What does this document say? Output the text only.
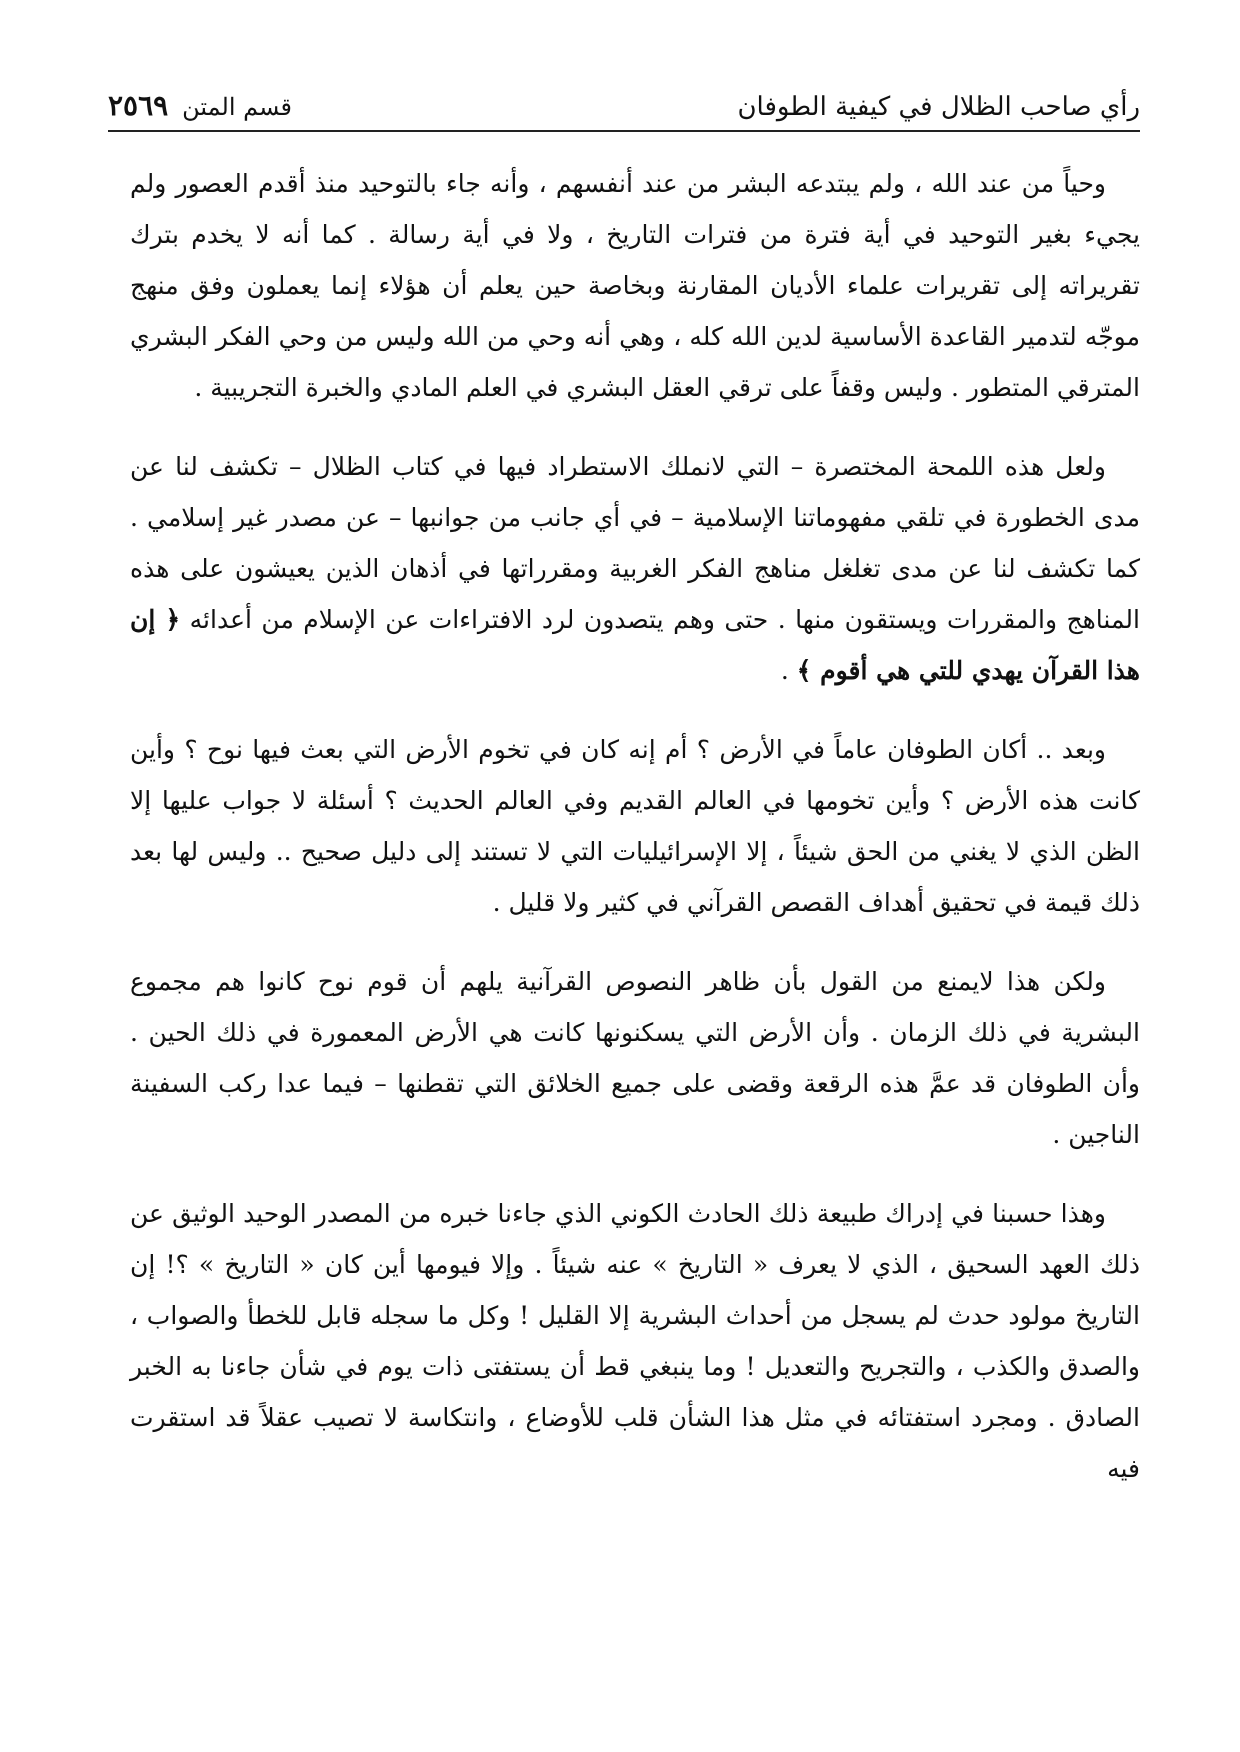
رأي صاحب الظلال في كيفية الطوفان
قسم المتن
٢٥٦٩

وحياً من عند الله ، ولم يبتدعه البشر من عند أنفسهم ، وأنه جاء بالتوحيد منذ أقدم العصور ولم يجيء بغير التوحيد في أية فترة من فترات التاريخ ، ولا في أية رسالة . كما أنه لا يخدم بترك تقريراته إلى تقريرات علماء الأديان المقارنة وبخاصة حين يعلم أن هؤلاء إنما يعملون وفق منهج موجّه لتدمير القاعدة الأساسية لدين الله كله ، وهي أنه وحي من الله وليس من وحي الفكر البشري المترقي المتطور . وليس وقفاً على ترقي العقل البشري في العلم المادي والخبرة التجريبية .

ولعل هذه اللمحة المختصرة – التي لانملك الاستطراد فيها في كتاب الظلال – تكشف لنا عن مدى الخطورة في تلقي مفهوماتنا الإسلامية – في أي جانب من جوانبها – عن مصدر غير إسلامي . كما تكشف لنا عن مدى تغلغل مناهج الفكر الغربية ومقرراتها في أذهان الذين يعيشون على هذه المناهج والمقررات ويستقون منها . حتى وهم يتصدون لرد الافتراءات عن الإسلام من أعدائه ﴿ إن هذا القرآن يهدي للتي هي أقوم ﴾ .

وبعد .. أكان الطوفان عاماً في الأرض ؟ أم إنه كان في تخوم الأرض التي بعث فيها نوح ؟ وأين كانت هذه الأرض ؟ وأين تخومها في العالم القديم وفي العالم الحديث ؟ أسئلة لا جواب عليها إلا الظن الذي لا يغني من الحق شيئاً ، إلا الإسرائيليات التي لا تستند إلى دليل صحيح .. وليس لها بعد ذلك قيمة في تحقيق أهداف القصص القرآني في كثير ولا قليل .

ولكن هذا لايمنع من القول بأن ظاهر النصوص القرآنية يلهم أن قوم نوح كانوا هم مجموع البشرية في ذلك الزمان . وأن الأرض التي يسكنونها كانت هي الأرض المعمورة في ذلك الحين . وأن الطوفان قد عمَّ هذه الرقعة وقضى على جميع الخلائق التي تقطنها – فيما عدا ركب السفينة الناجين .

وهذا حسبنا في إدراك طبيعة ذلك الحادث الكوني الذي جاءنا خبره من المصدر الوحيد الوثيق عن ذلك العهد السحيق ، الذي لا يعرف « التاريخ » عنه شيئاً . وإلا فيومها أين كان « التاريخ » ؟! إن التاريخ مولود حدث لم يسجل من أحداث البشرية إلا القليل ! وكل ما سجله قابل للخطأ والصواب ، والصدق والكذب ، والتجريح والتعديل ! وما ينبغي قط أن يستفتى ذات يوم في شأن جاءنا به الخبر الصادق . ومجرد استفتائه في مثل هذا الشأن قلب للأوضاع ، وانتكاسة لا تصيب عقلاً قد استقرت فيه
